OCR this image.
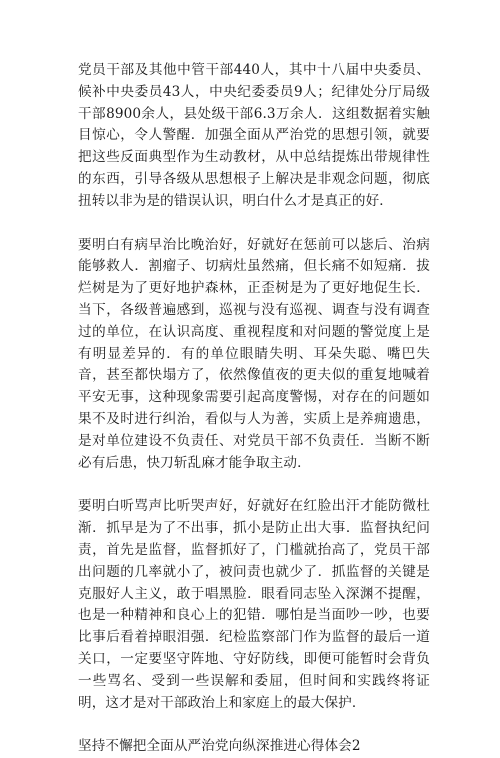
党员干部及其他中管干部440人，其中十八届中央委员、候补中央委员43人，中央纪委委员9人；纪律处分厅局级干部8900余人，县处级干部6.3万余人．这组数据着实触目惊心，令人警醒．加强全面从严治党的思想引领，就要把这些反面典型作为生动教材，从中总结提炼出带规律性的东西，引导各级从思想根子上解决是非观念问题，彻底扭转以非为是的错误认识，明白什么才是真正的好．

要明白有病早治比晚治好，好就好在惩前可以毖后、治病能够救人．割瘤子、切病灶虽然痛，但长痛不如短痛．拔烂树是为了更好地护森林，正歪树是为了更好地促生长．当下，各级普遍感到，巡视与没有巡视、调查与没有调查过的单位，在认识高度、重视程度和对问题的警觉度上是有明显差异的．有的单位眼睛失明、耳朵失聪、嘴巴失音，甚至都快塌方了，依然像值夜的更夫似的重复地喊着平安无事，这种现象需要引起高度警惕，对存在的问题如果不及时进行纠治，看似与人为善，实质上是养痈遗患，是对单位建设不负责任、对党员干部不负责任．当断不断必有后患，快刀斩乱麻才能争取主动．

要明白听骂声比听哭声好，好就好在红脸出汗才能防微杜渐．抓早是为了不出事，抓小是防止出大事．监督执纪问责，首先是监督，监督抓好了，门槛就抬高了，党员干部出问题的几率就小了，被问责也就少了．抓监督的关键是克服好人主义，敢于唱黑脸．眼看同志坠入深渊不提醒，也是一种精神和良心上的犯错．哪怕是当面吵一吵，也要比事后看着掉眼泪强．纪检监察部门作为监督的最后一道关口，一定要坚守阵地、守好防线，即便可能暂时会背负一些骂名、受到一些误解和委屈，但时间和实践终将证明，这才是对干部政治上和家庭上的最大保护．

坚持不懈把全面从严治党向纵深推进心得体会2
